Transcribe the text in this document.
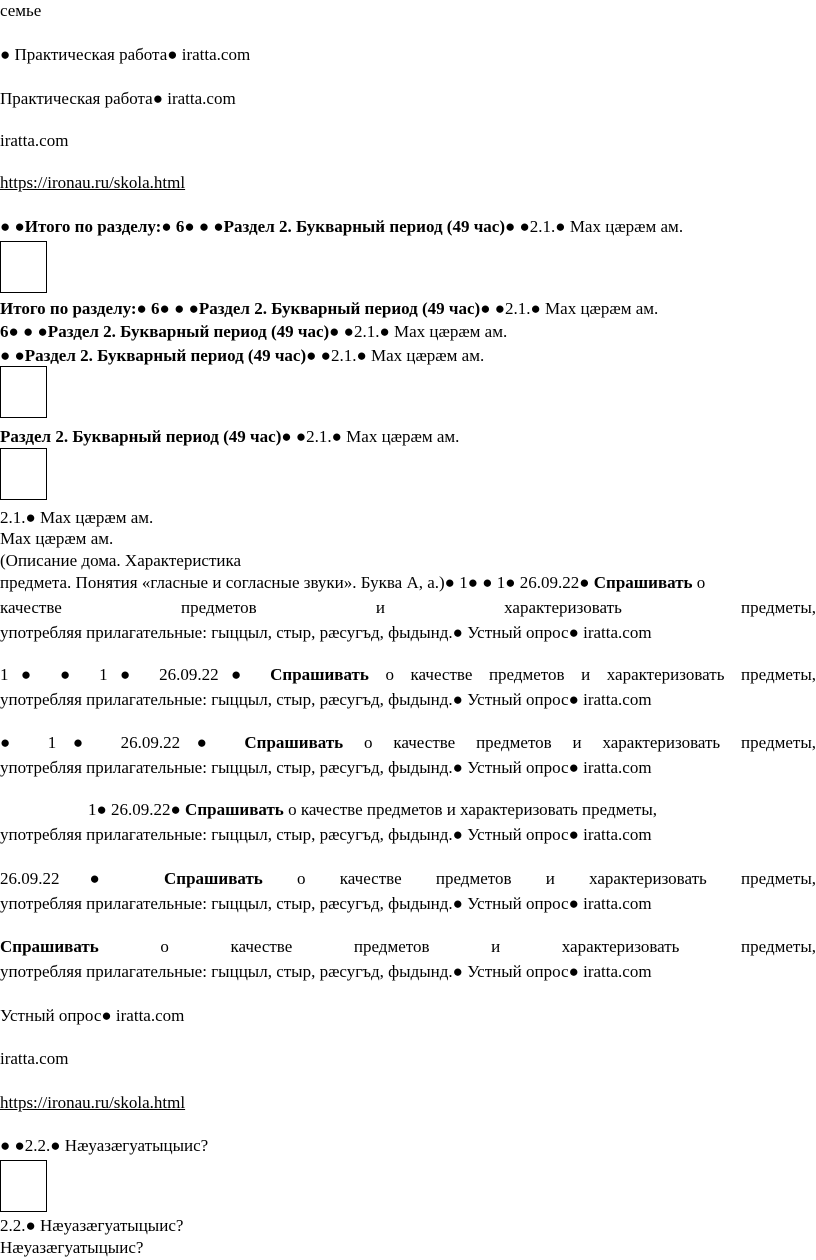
семье
● Практическая работа● iratta.com
Практическая работа● iratta.com
iratta.com
https://ironau.ru/skola.html
● ●Итого по разделу:● 6● ● ●Раздел 2. Букварный период (49 час)● ●2.1.● Мах цæрæм ам.
Итого по разделу:● 6● ● ●Раздел 2. Букварный период (49 час)● ●2.1.● Мах цæрæм ам.
6● ● ●Раздел 2. Букварный период (49 час)● ●2.1.● Мах цæрæм ам.
● ●Раздел 2. Букварный период (49 час)● ●2.1.● Мах цæрæм ам.
Раздел 2. Букварный период (49 час)● ●2.1.● Мах цæрæм ам.
2.1.● Мах цæрæм ам.
Мах цæрæм ам.
(Описание дома. Характеристика
предмета. Понятия «гласные и согласные звуки». Буква А, а.)● 1● ● 1● 26.09.22● Спрашивать о
качестве предметов и характеризовать предметы,
употребляя прилагательные: гыццыл, стыр, рæсугъд, фыдынд.● Устный опрос● iratta.com
1● ● 1● 26.09.22● Спрашивать о качестве предметов и характеризовать предметы,
употребляя прилагательные: гыццыл, стыр, рæсугъд, фыдынд.● Устный опрос● iratta.com
● 1● 26.09.22● Спрашивать о качестве предметов и характеризовать предметы,
употребляя прилагательные: гыццыл, стыр, рæсугъд, фыдынд.● Устный опрос● iratta.com
1● 26.09.22● Спрашивать о качестве предметов и характеризовать предметы,
употребляя прилагательные: гыццыл, стыр, рæсугъд, фыдынд.● Устный опрос● iratta.com
26.09.22● Спрашивать о качестве предметов и характеризовать предметы,
употребляя прилагательные: гыццыл, стыр, рæсугъд, фыдынд.● Устный опрос● iratta.com
Спрашивать о качестве предметов и характеризовать предметы,
употребляя прилагательные: гыццыл, стыр, рæсугъд, фыдынд.● Устный опрос● iratta.com
Устный опрос● iratta.com
iratta.com
https://ironau.ru/skola.html
● ●2.2.● Нæуазæгуатыцыис?
2.2.● Нæуазæгуатыцыис?
Нæуазæгуатыцыис?
